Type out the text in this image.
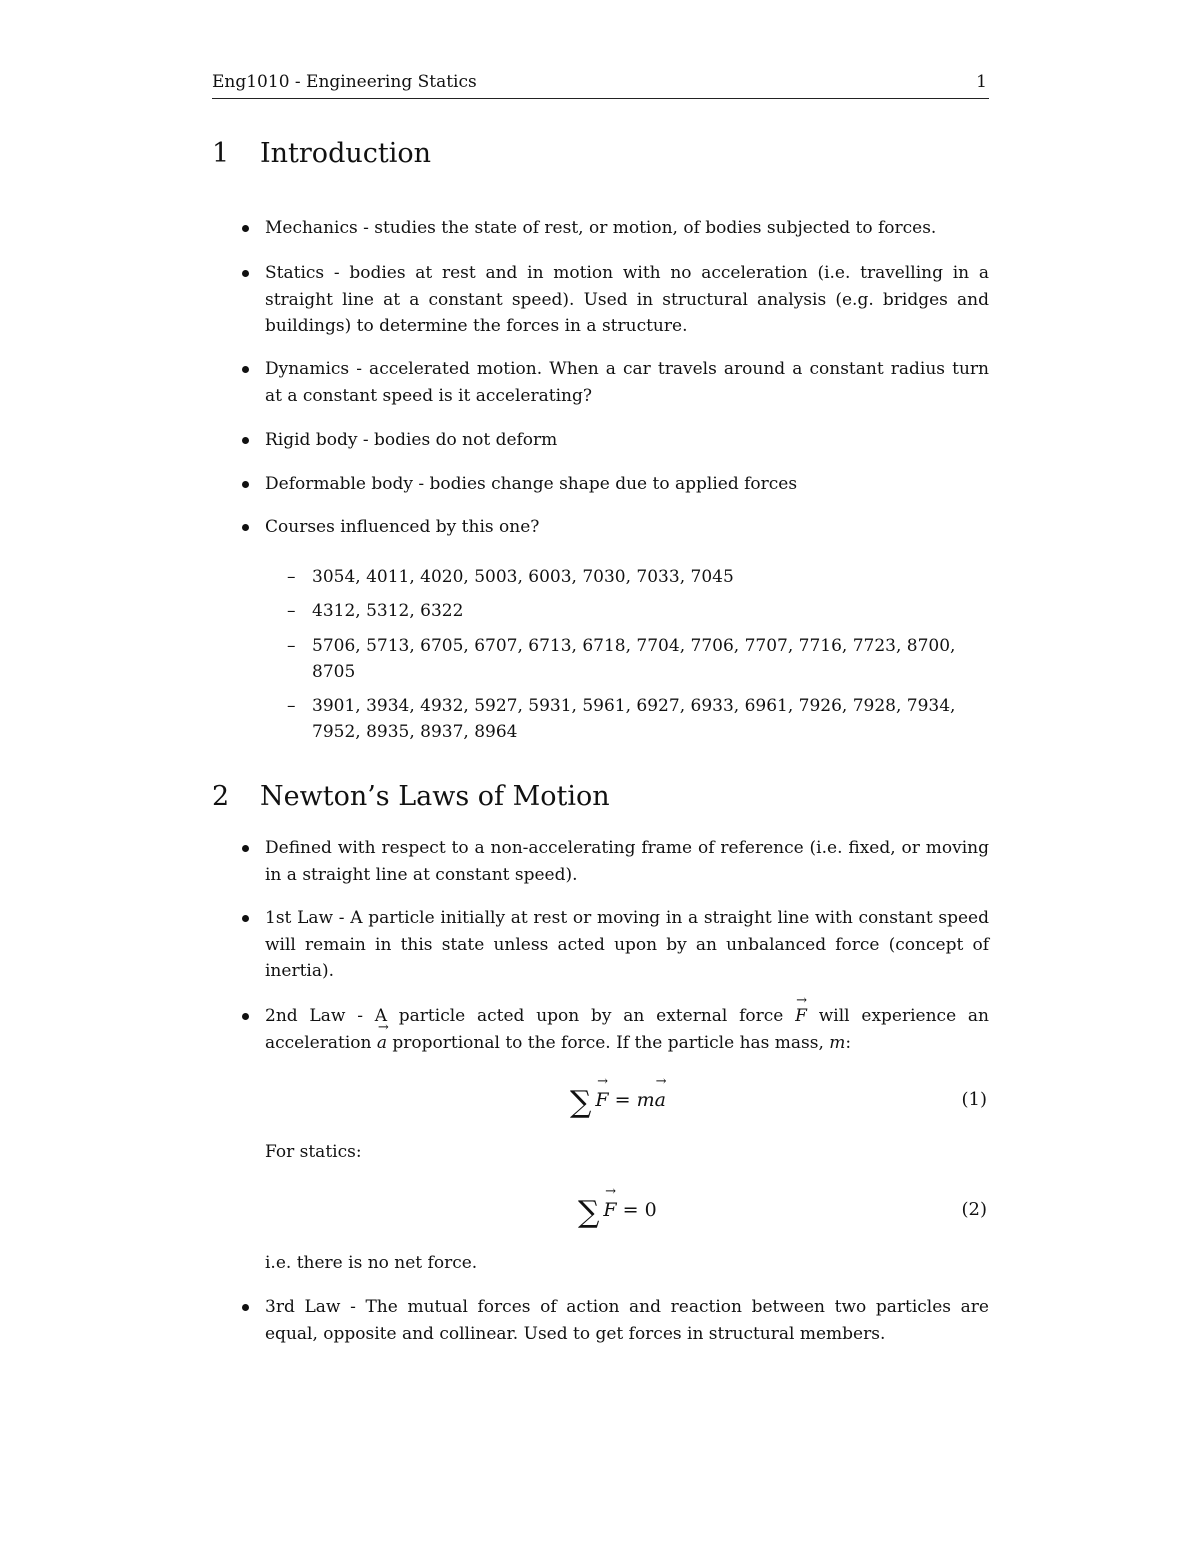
Eng1010 - Engineering Statics	1
1 Introduction
Mechanics - studies the state of rest, or motion, of bodies subjected to forces.
Statics - bodies at rest and in motion with no acceleration (i.e. travelling in a straight line at a constant speed). Used in structural analysis (e.g. bridges and buildings) to determine the forces in a structure.
Dynamics - accelerated motion. When a car travels around a constant radius turn at a constant speed is it accelerating?
Rigid body - bodies do not deform
Deformable body - bodies change shape due to applied forces
Courses influenced by this one?
– 3054, 4011, 4020, 5003, 6003, 7030, 7033, 7045
– 4312, 5312, 6322
– 5706, 5713, 6705, 6707, 6713, 6718, 7704, 7706, 7707, 7716, 7723, 8700, 8705
– 3901, 3934, 4932, 5927, 5931, 5961, 6927, 6933, 6961, 7926, 7928, 7934, 7952, 8935, 8937, 8964
2 Newton’s Laws of Motion
Defined with respect to a non-accelerating frame of reference (i.e. fixed, or moving in a straight line at constant speed).
1st Law - A particle initially at rest or moving in a straight line with constant speed will remain in this state unless acted upon by an unbalanced force (concept of inertia).
2nd Law - A particle acted upon by an external force → F will experience an acceleration → a proportional to the force. If the particle has mass, m:
∑ → F = m→ a	(1)
For statics:
∑ → F = 0	(2)
i.e. there is no net force.
3rd Law - The mutual forces of action and reaction between two particles are equal, opposite and collinear. Used to get forces in structural members.
